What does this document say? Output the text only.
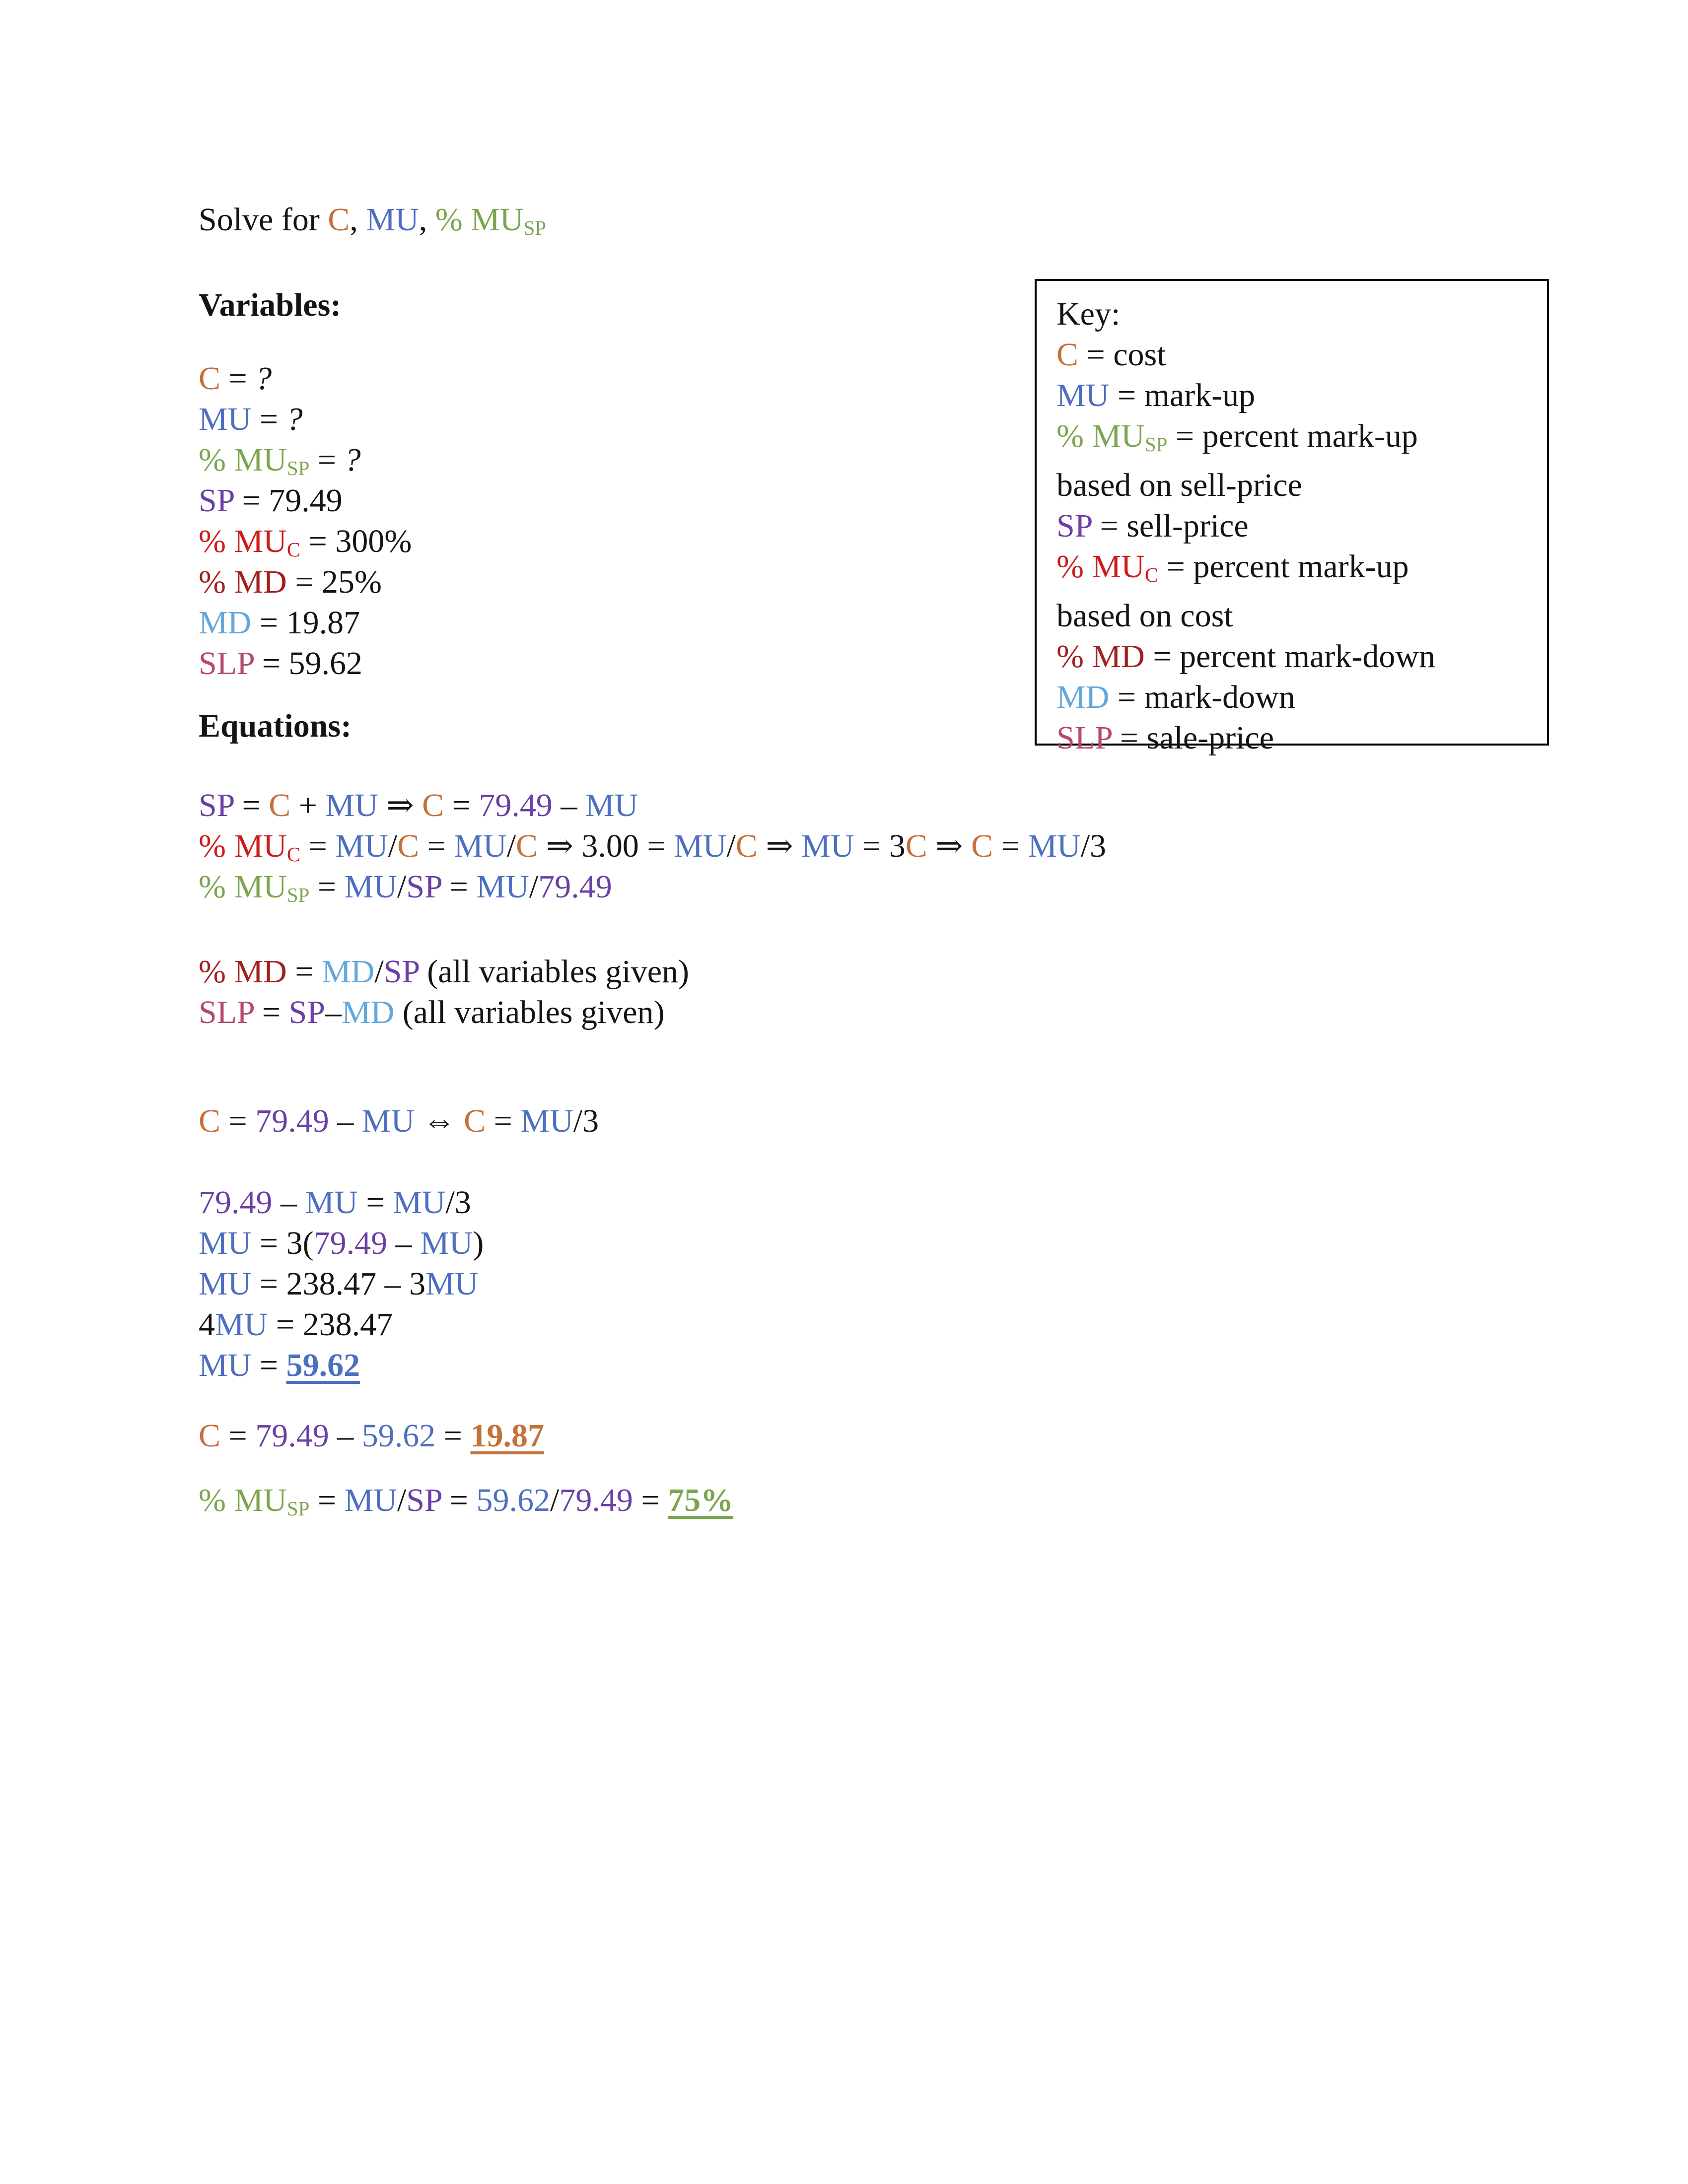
Solve for C, MU, % $MU_{SP}$
Variables:
C = ?
MU = ?
% $MU_{SP}$ = ?
SP = 79.49
% $MU_C = 300\%$
% MD = 25%
MD = 19.87
SLP = 59.62
Equations:
SP = C + MU ⇒ C = 79.49 – MU
% $MU_C = MU/C = MU/C$ ⇒ 3.00 = MU/C ⇒ MU = 3C ⇒ C = MU/3
% $MU_{SP} = MU/SP = MU/79.49$
% MD = MD/SP (all variables given)
SLP = SP–MD (all variables given)
C = 79.49 – MU ⇔ C = MU/3
79.49 – MU = MU/3
MU = 3(79.49 – MU)
MU = 238.47 – 3MU
4MU = 238.47
MU = 59.62
C = 79.49 – 59.62 = 19.87
% $MU_{SP} = MU/SP = 59.62/79.49 = 75\%$
Key:
C = cost
MU = mark-up
% $MU_{SP}$ = percent mark-up
based on sell-price
SP = sell-price
% $MU_C$ = percent mark-up
based on cost
% MD = percent mark-down
MD = mark-down
SLP = sale-price
